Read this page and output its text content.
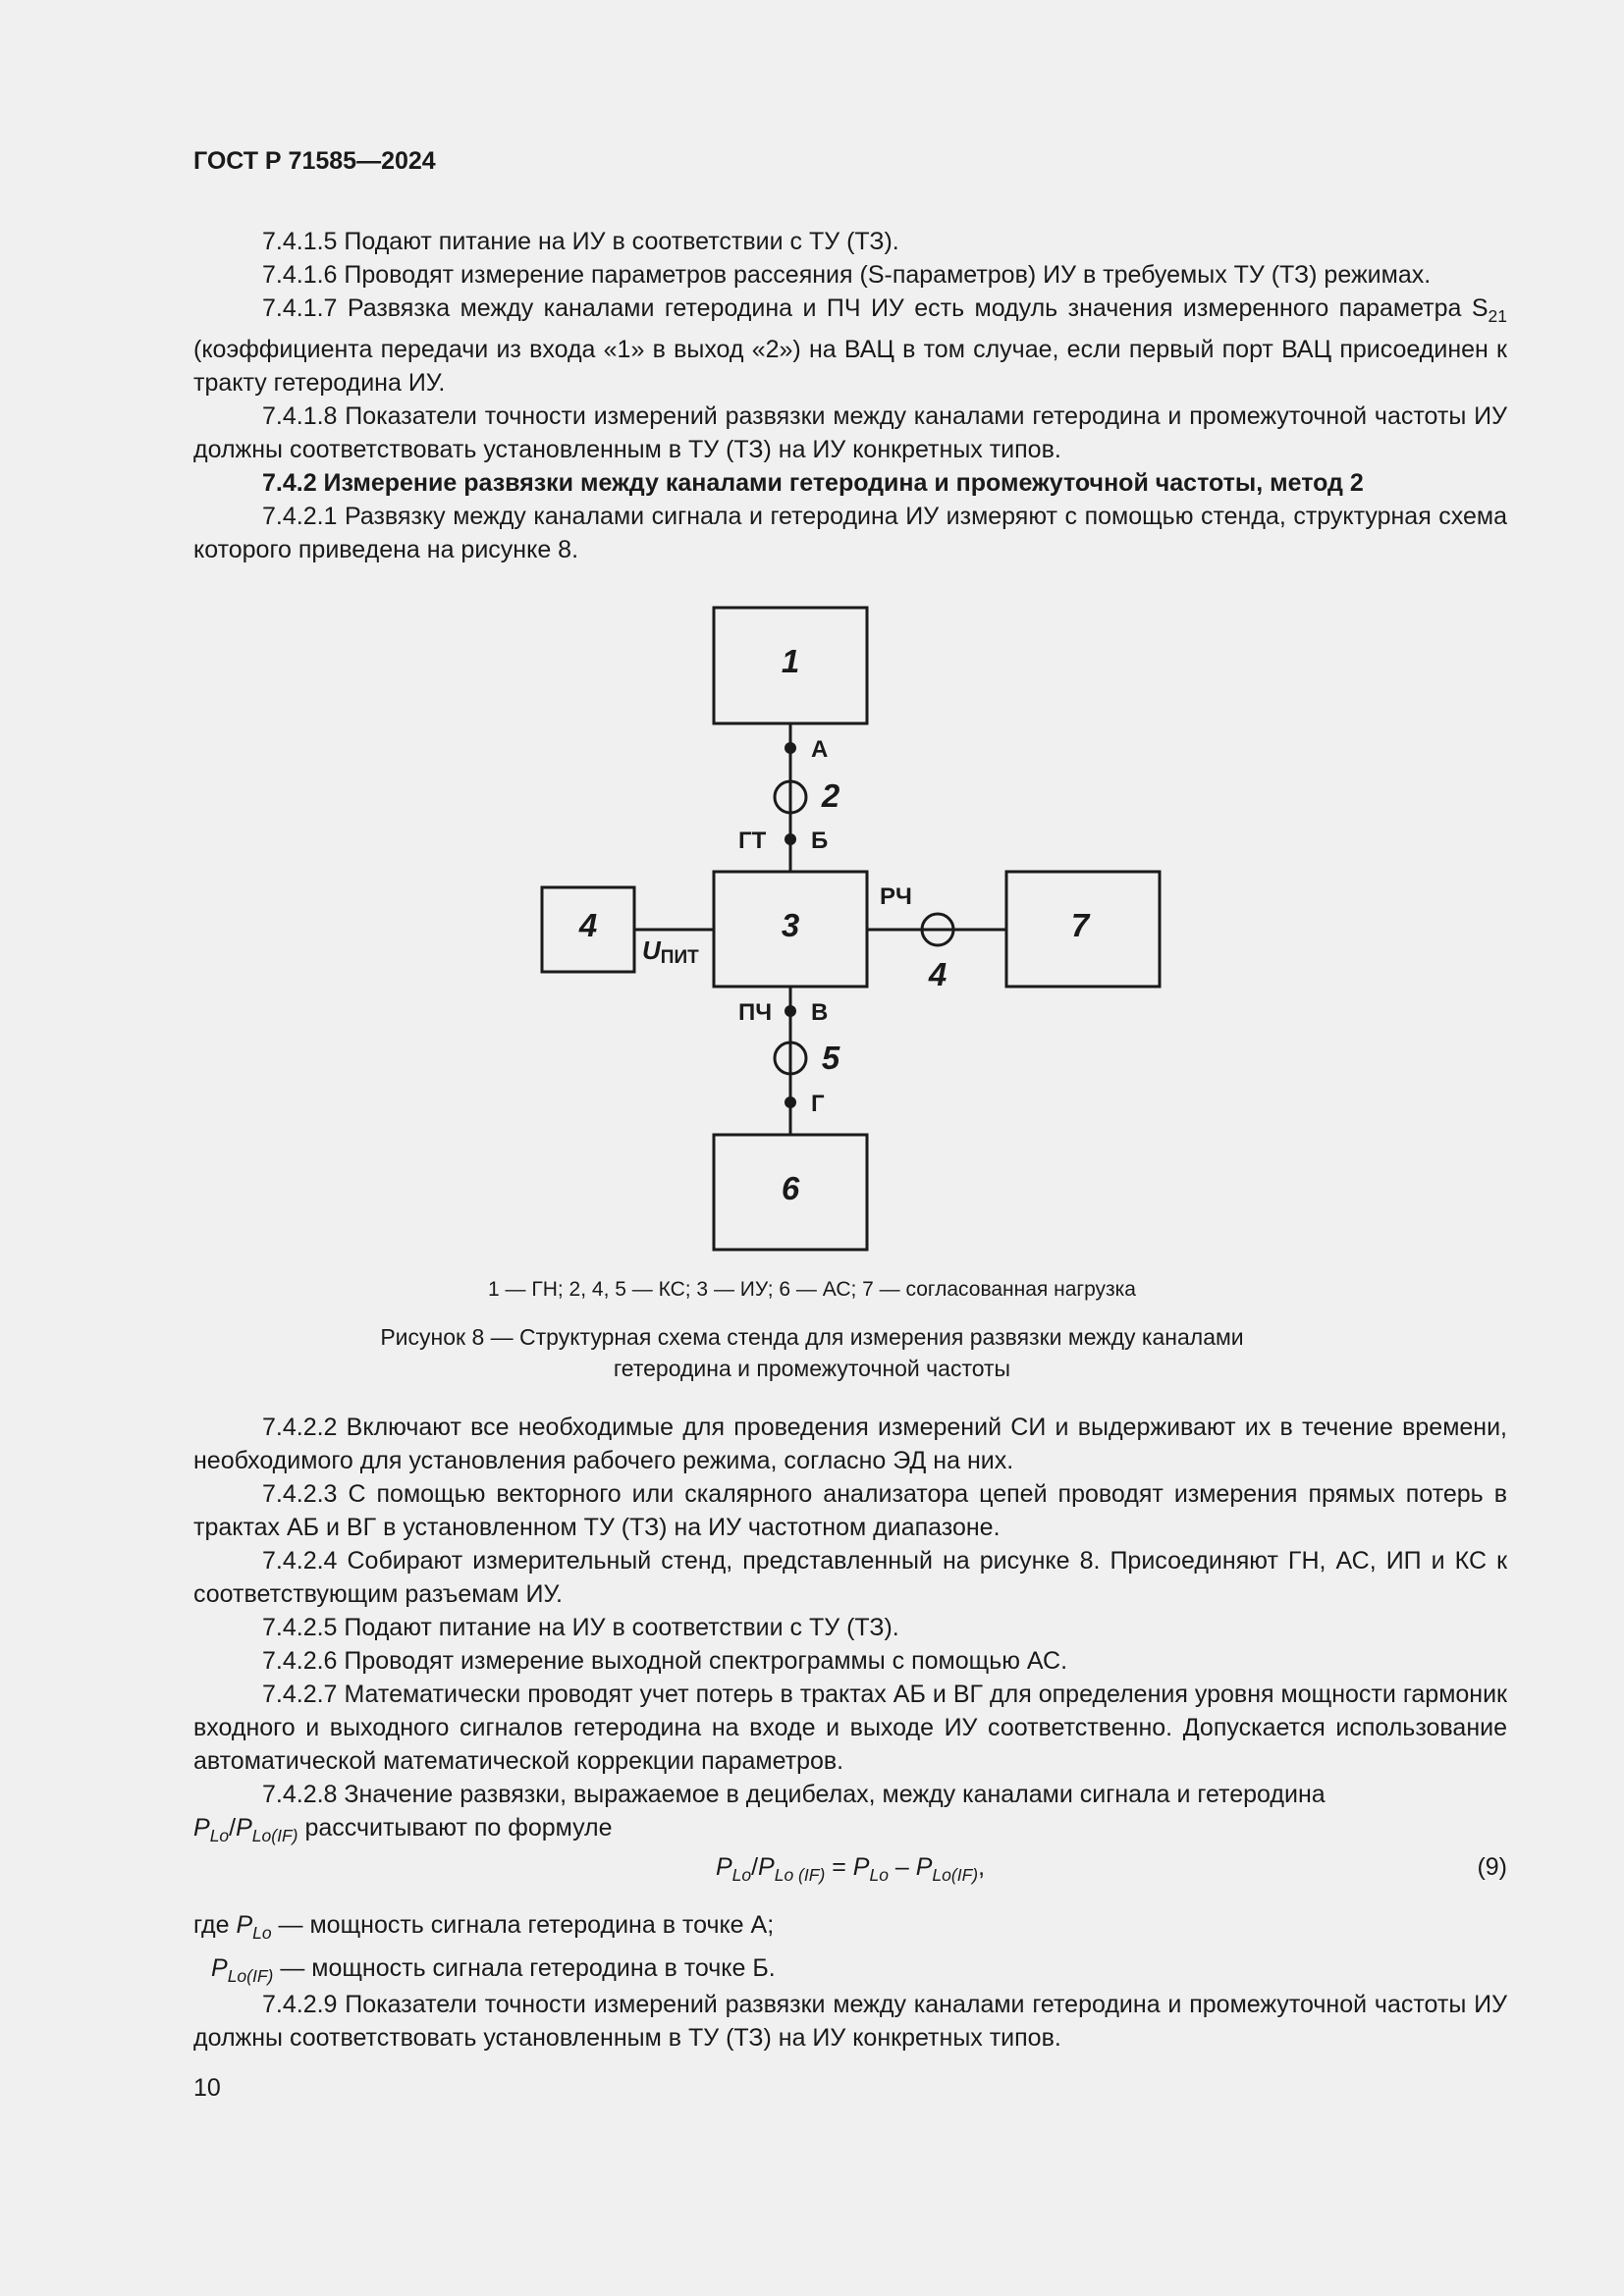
ГОСТ Р 71585—2024

7.4.1.5 Подают питание на ИУ в соответствии с ТУ (ТЗ).

7.4.1.6 Проводят измерение параметров рассеяния (S-параметров) ИУ в требуемых ТУ (ТЗ) режимах.

7.4.1.7 Развязка между каналами гетеродина и ПЧ ИУ есть модуль значения измеренного параметра $S_{21}$ (коэффициента передачи из входа «1» в выход «2») на ВАЦ в том случае, если первый порт ВАЦ присоединен к тракту гетеродина ИУ.

7.4.1.8 Показатели точности измерений развязки между каналами гетеродина и промежуточной частоты ИУ должны соответствовать установленным в ТУ (ТЗ) на ИУ конкретных типов.

7.4.2 Измерение развязки между каналами гетеродина и промежуточной частоты, метод 2

7.4.2.1 Развязку между каналами сигнала и гетеродина ИУ измеряют с помощью стенда, структурная схема которого приведена на рисунке 8.

1
3
4	7
6
2
4
5
А
Б
В
Г
ГТ
РЧ
ПЧ
UПИТ
1 — ГН; 2, 4, 5 — КС; 3 — ИУ; 6 — АС; 7 — согласованная нагрузка
Рисунок 8 — Структурная схема стенда для измерения развязки между каналами
гетеродина и промежуточной частоты

7.4.2.2 Включают все необходимые для проведения измерений СИ и выдерживают их в течение времени, необходимого для установления рабочего режима, согласно ЭД на них.

7.4.2.3 С помощью векторного или скалярного анализатора цепей проводят измерения прямых потерь в трактах АБ и ВГ в установленном ТУ (ТЗ) на ИУ частотном диапазоне.

7.4.2.4 Собирают измерительный стенд, представленный на рисунке 8. Присоединяют ГН, АС, ИП и КС к соответствующим разъемам ИУ.

7.4.2.5 Подают питание на ИУ в соответствии с ТУ (ТЗ).

7.4.2.6 Проводят измерение выходной спектрограммы с помощью АС.

7.4.2.7 Математически проводят учет потерь в трактах АБ и ВГ для определения уровня мощности гармоник входного и выходного сигналов гетеродина на входе и выходе ИУ соответственно. Допускается использование автоматической математической коррекции параметров.

7.4.2.8 Значение развязки, выражаемое в децибелах, между каналами сигнала и гетеродина
$P_{Lo}/P_{Lo(IF)}$ рассчитывают по формуле

$P_{Lo}/P_{Lo (IF)} = P_{Lo} - P_{Lo(IF)}$,	(9)
где $P_{Lo}$ — мощность сигнала гетеродина в точке А;
$P_{Lo(IF)}$ — мощность сигнала гетеродина в точке Б.

7.4.2.9 Показатели точности измерений развязки между каналами гетеродина и промежуточной частоты ИУ должны соответствовать установленным в ТУ (ТЗ) на ИУ конкретных типов.

10
